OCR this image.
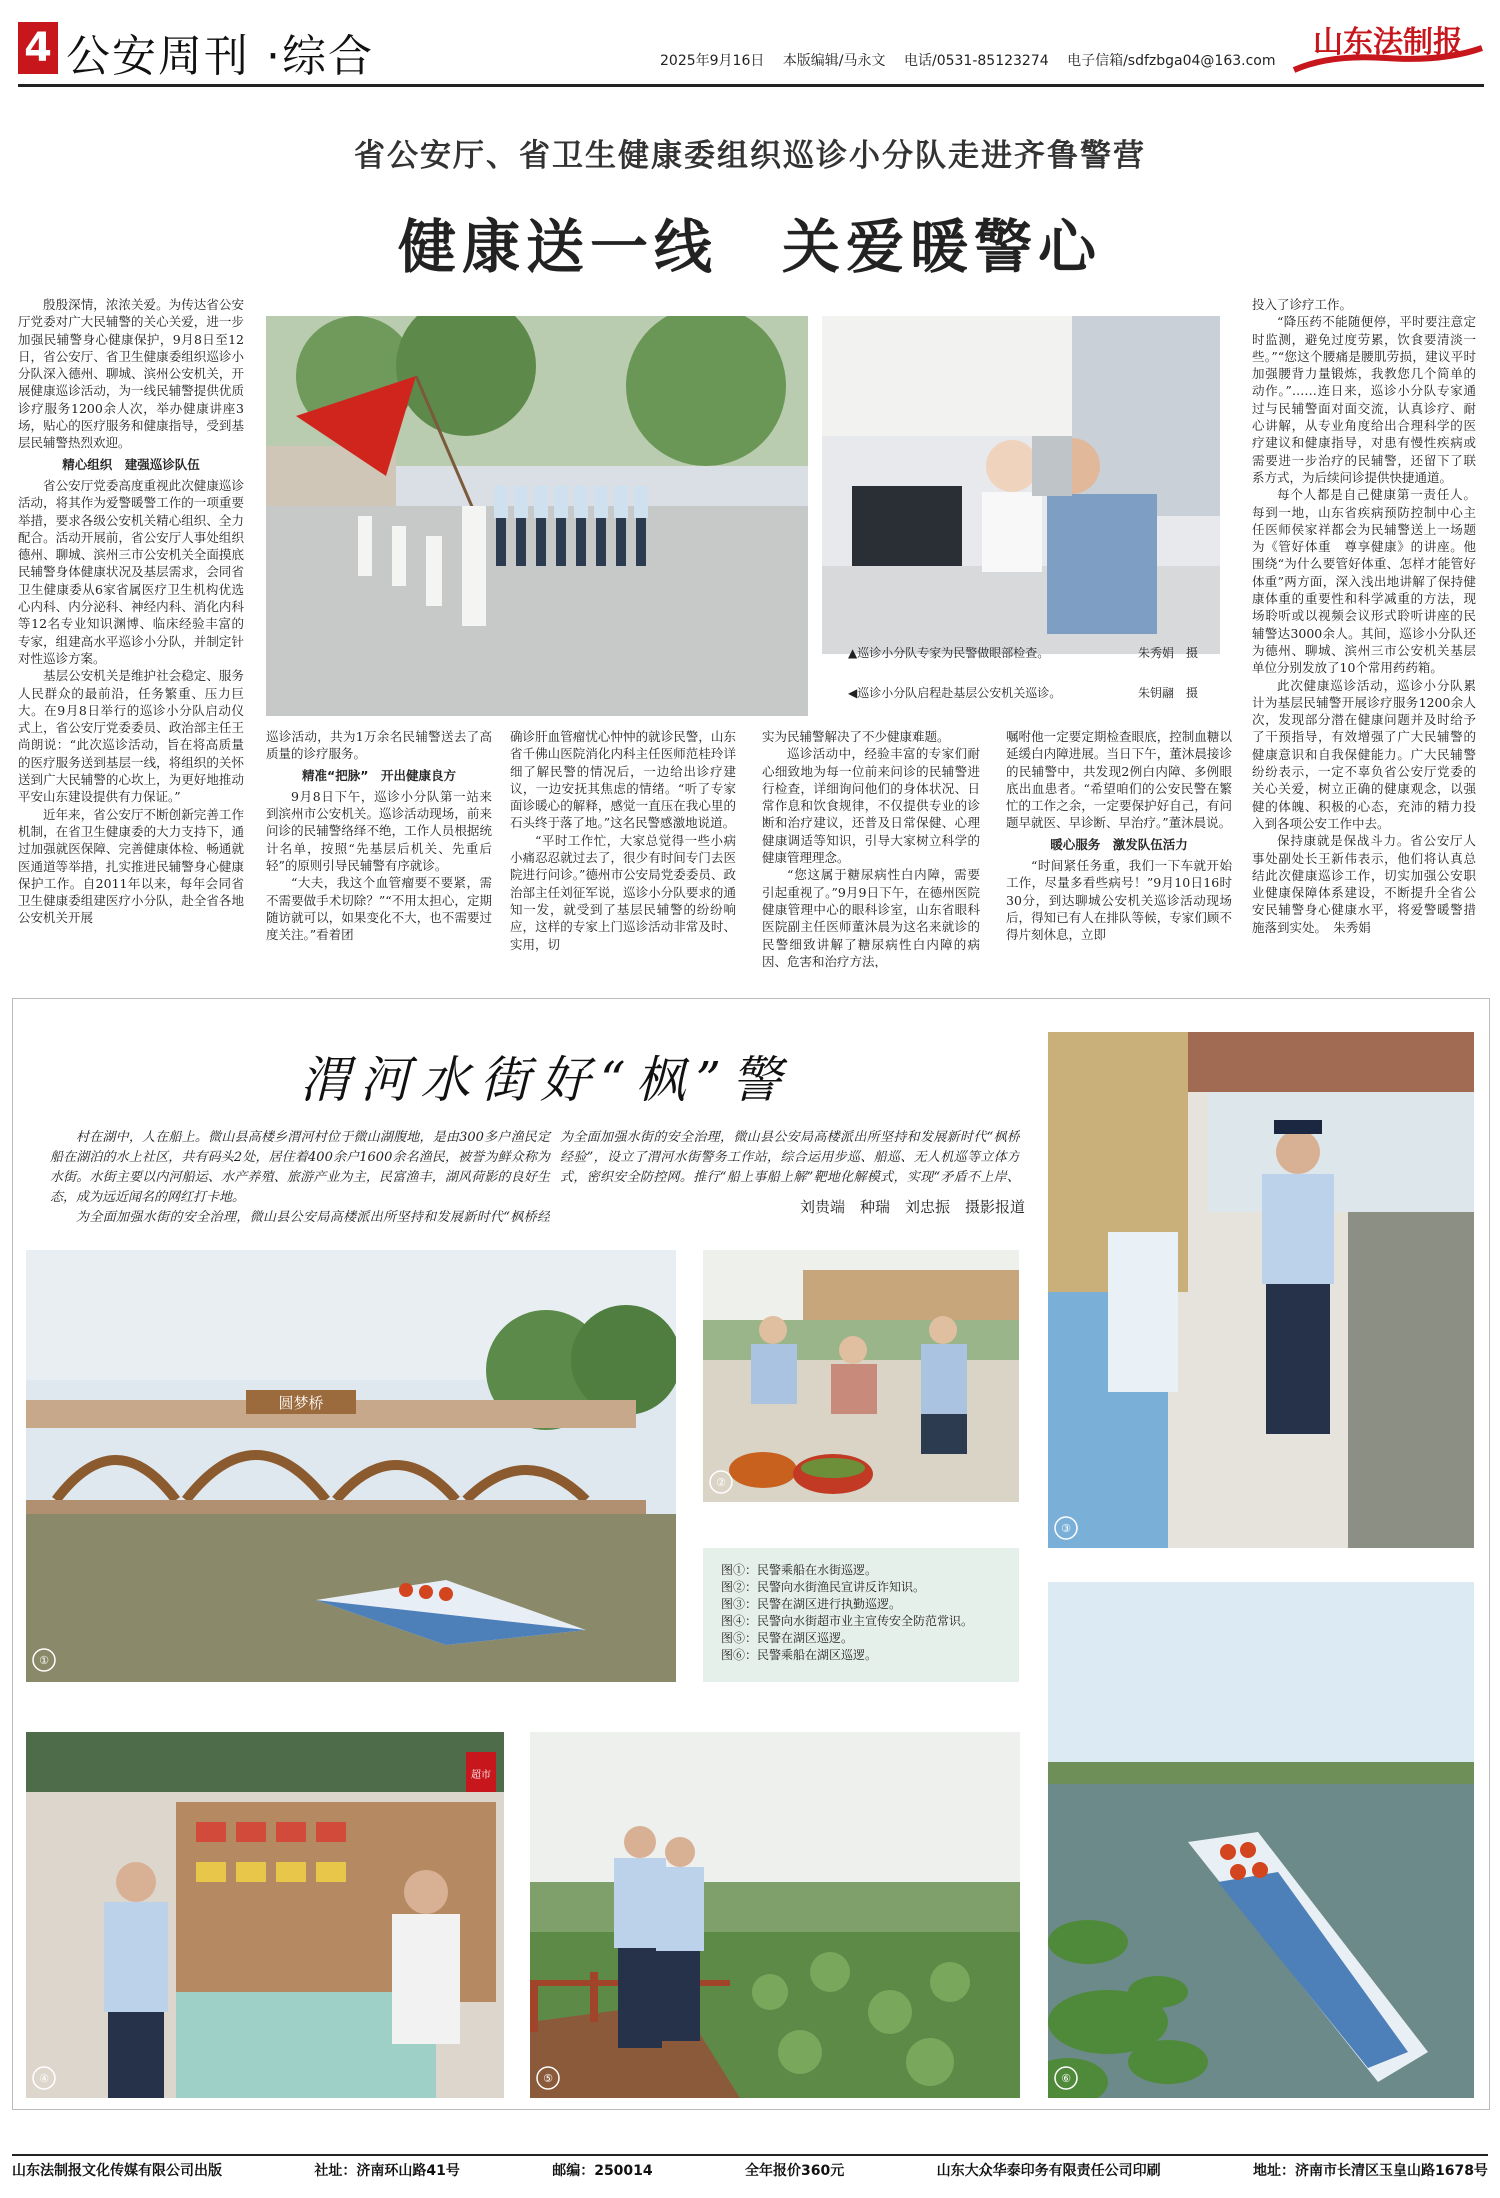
4 公安周刊 ·综合	2025年9月16日 本版编辑/马永文 电话/0531-85123274 电子信箱/sdfzbga04@163.com
山东法制报
省公安厅、省卫生健康委组织巡诊小分队走进齐鲁警营
健康送一线　关爱暖警心

殷殷深情，浓浓关爱。为传达省公安厅党委对广大民辅警的关心关爱，进一步加强民辅警身心健康保护，9月8日至12日，省公安厅、省卫生健康委组织巡诊小分队深入德州、聊城、滨州公安机关，开展健康巡诊活动，为一线民辅警提供优质诊疗服务1200余人次，举办健康讲座3场，贴心的医疗服务和健康指导，受到基层民辅警热烈欢迎。

精心组织　建强巡诊队伍

省公安厅党委高度重视此次健康巡诊活动，将其作为爱警暖警工作的一项重要举措，要求各级公安机关精心组织、全力配合。活动开展前，省公安厅人事处组织德州、聊城、滨州三市公安机关全面摸底民辅警身体健康状况及基层需求，会同省卫生健康委从6家省属医疗卫生机构优选心内科、内分泌科、神经内科、消化内科等12名专业知识渊博、临床经验丰富的专家，组建高水平巡诊小分队，并制定针对性巡诊方案。

基层公安机关是维护社会稳定、服务人民群众的最前沿，任务繁重、压力巨大。在9月8日举行的巡诊小分队启动仪式上，省公安厅党委委员、政治部主任王尚朗说：“此次巡诊活动，旨在将高质量的医疗服务送到基层一线，将组织的关怀送到广大民辅警的心坎上，为更好地推动平安山东建设提供有力保证。”

近年来，省公安厅不断创新完善工作机制，在省卫生健康委的大力支持下，通过加强就医保障、完善健康体检、畅通就医通道等举措，扎实推进民辅警身心健康保护工作。自2011年以来，每年会同省卫生健康委组建医疗小分队，赴全省各地公安机关开展

▲巡诊小分队专家为民警做眼部检查。	朱秀娟　摄
◀巡诊小分队启程赴基层公安机关巡诊。	朱钥翮　摄

巡诊活动，共为1万余名民辅警送去了高质量的诊疗服务。

精准“把脉”　开出健康良方

9月8日下午，巡诊小分队第一站来到滨州市公安机关。巡诊活动现场，前来问诊的民辅警络绎不绝，工作人员根据统计名单，按照“先基层后机关、先重后轻”的原则引导民辅警有序就诊。

“大夫，我这个血管瘤要不要紧，需不需要做手术切除？”“不用太担心，定期随访就可以，如果变化不大，也不需要过度关注。”看着团

确诊肝血管瘤忧心忡忡的就诊民警，山东省千佛山医院消化内科主任医师范桂玲详细了解民警的情况后，一边给出诊疗建议，一边安抚其焦虑的情绪。“听了专家面诊暖心的解释，感觉一直压在我心里的石头终于落了地。”这名民警感激地说道。

“平时工作忙，大家总觉得一些小病小痛忍忍就过去了，很少有时间专门去医院进行问诊。”德州市公安局党委委员、政治部主任刘征军说，巡诊小分队要求的通知一发，就受到了基层民辅警的纷纷响应，这样的专家上门巡诊活动非常及时、实用，切

实为民辅警解决了不少健康难题。

巡诊活动中，经验丰富的专家们耐心细致地为每一位前来问诊的民辅警进行检查，详细询问他们的身体状况、日常作息和饮食规律，不仅提供专业的诊断和治疗建议，还普及日常保健、心理健康调适等知识，引导大家树立科学的健康管理理念。

“您这属于糖尿病性白内障，需要引起重视了。”9月9日下午，在德州医院健康管理中心的眼科诊室，山东省眼科医院副主任医师董沐晨为这名来就诊的民警细致讲解了糖尿病性白内障的病因、危害和治疗方法，

嘱咐他一定要定期检查眼底，控制血糖以延缓白内障进展。当日下午，董沐晨接诊的民辅警中，共发现2例白内障、多例眼底出血患者。“希望咱们的公安民警在繁忙的工作之余，一定要保护好自己，有问题早就医、早诊断、早治疗。”董沐晨说。

暖心服务　激发队伍活力

“时间紧任务重，我们一下车就开始工作，尽量多看些病号！”9月10日16时30分，到达聊城公安机关巡诊活动现场后，得知已有人在排队等候，专家们顾不得片刻休息，立即

投入了诊疗工作。

“降压药不能随便停，平时要注意定时监测，避免过度劳累，饮食要清淡一些。”“您这个腰痛是腰肌劳损，建议平时加强腰背力量锻炼，我教您几个简单的动作。”……连日来，巡诊小分队专家通过与民辅警面对面交流，认真诊疗、耐心讲解，从专业角度给出合理科学的医疗建议和健康指导，对患有慢性疾病或需要进一步治疗的民辅警，还留下了联系方式，为后续问诊提供快捷通道。

每个人都是自己健康第一责任人。每到一地，山东省疾病预防控制中心主任医师侯家祥都会为民辅警送上一场题为《管好体重　尊享健康》的讲座。他围绕“为什么要管好体重、怎样才能管好体重”两方面，深入浅出地讲解了保持健康体重的重要性和科学减重的方法，现场聆听或以视频会议形式聆听讲座的民辅警达3000余人。其间，巡诊小分队还为德州、聊城、滨州三市公安机关基层单位分别发放了10个常用药药箱。

此次健康巡诊活动，巡诊小分队累计为基层民辅警开展诊疗服务1200余人次，发现部分潜在健康问题并及时给予了干预指导，有效增强了广大民辅警的健康意识和自我保健能力。广大民辅警纷纷表示，一定不辜负省公安厅党委的关心关爱，树立正确的健康观念，以强健的体魄、积极的心态，充沛的精力投入到各项公安工作中去。

保持康就是保战斗力。省公安厅人事处副处长王新伟表示，他们将认真总结此次健康巡诊工作，切实加强公安职业健康保障体系建设，不断提升全省公安民辅警身心健康水平，将爱警暖警措施落到实处。　朱秀娟

渭河水街好“枫”警

村在湖中，人在船上。微山县高楼乡渭河村位于微山湖腹地，是由300多户渔民定船在湖泊的水上社区，共有码头2处，居住着400余户1600余名渔民，被誉为鲜众称为水街。水街主要以内河船运、水产养殖、旅游产业为主，民富渔丰，湖风荷影的良好生态，成为远近闻名的网红打卡地。

为全面加强水街的安全治理，微山县公安局高楼派出所坚持和发展新时代“枫桥经

为全面加强水街的安全治理，微山县公安局高楼派出所坚持和发展新时代“枫桥经验”，设立了渭河水街警务工作站，综合运用步巡、船巡、无人机巡等立体方式，密织安全防控网。推行“船上事船上解”靶地化解模式，实现“矛盾不上岸、

刘贵端　种瑞　刘忠振　摄影报道
圆梦桥
①
②
图①：民警乘船在水街巡逻。
图②：民警向水街渔民宣讲反诈知识。
图③：民警在湖区进行执勤巡逻。
图④：民警向水街超市业主宣传安全防范常识。
图⑤：民警在湖区巡逻。
图⑥：民警乘船在湖区巡逻。
③
超市
④	⑤	⑥
山东法制报文化传媒有限公司出版	社址：济南环山路41号	邮编：250014	全年报价360元	山东大众华泰印务有限责任公司印刷	地址：济南市长清区玉皇山路1678号
